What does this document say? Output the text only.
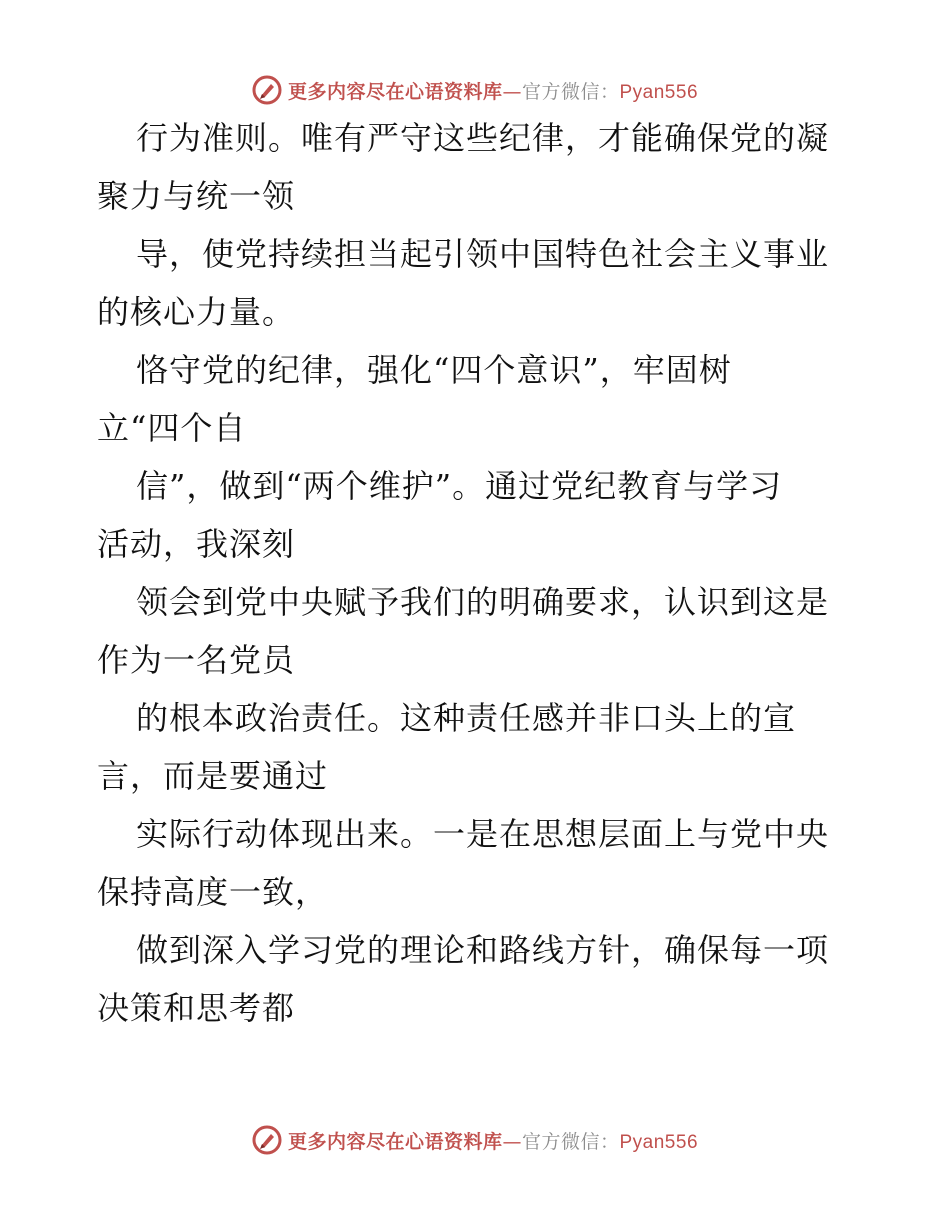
更多内容尽在心语资料库—官方微信：Pyan556
行为准则。唯有严守这些纪律，才能确保党的凝
聚力与统一领
导，使党持续担当起引领中国特色社会主义事业
的核心力量。
恪守党的纪律，强化“四个意识”，牢固树
立“四个自
信”，做到“两个维护”。通过党纪教育与学习
活动，我深刻
领会到党中央赋予我们的明确要求，认识到这是
作为一名党员
的根本政治责任。这种责任感并非口头上的宣
言，而是要通过
实际行动体现出来。一是在思想层面上与党中央
保持高度一致，
做到深入学习党的理论和路线方针，确保每一项
决策和思考都
更多内容尽在心语资料库—官方微信：Pyan556
